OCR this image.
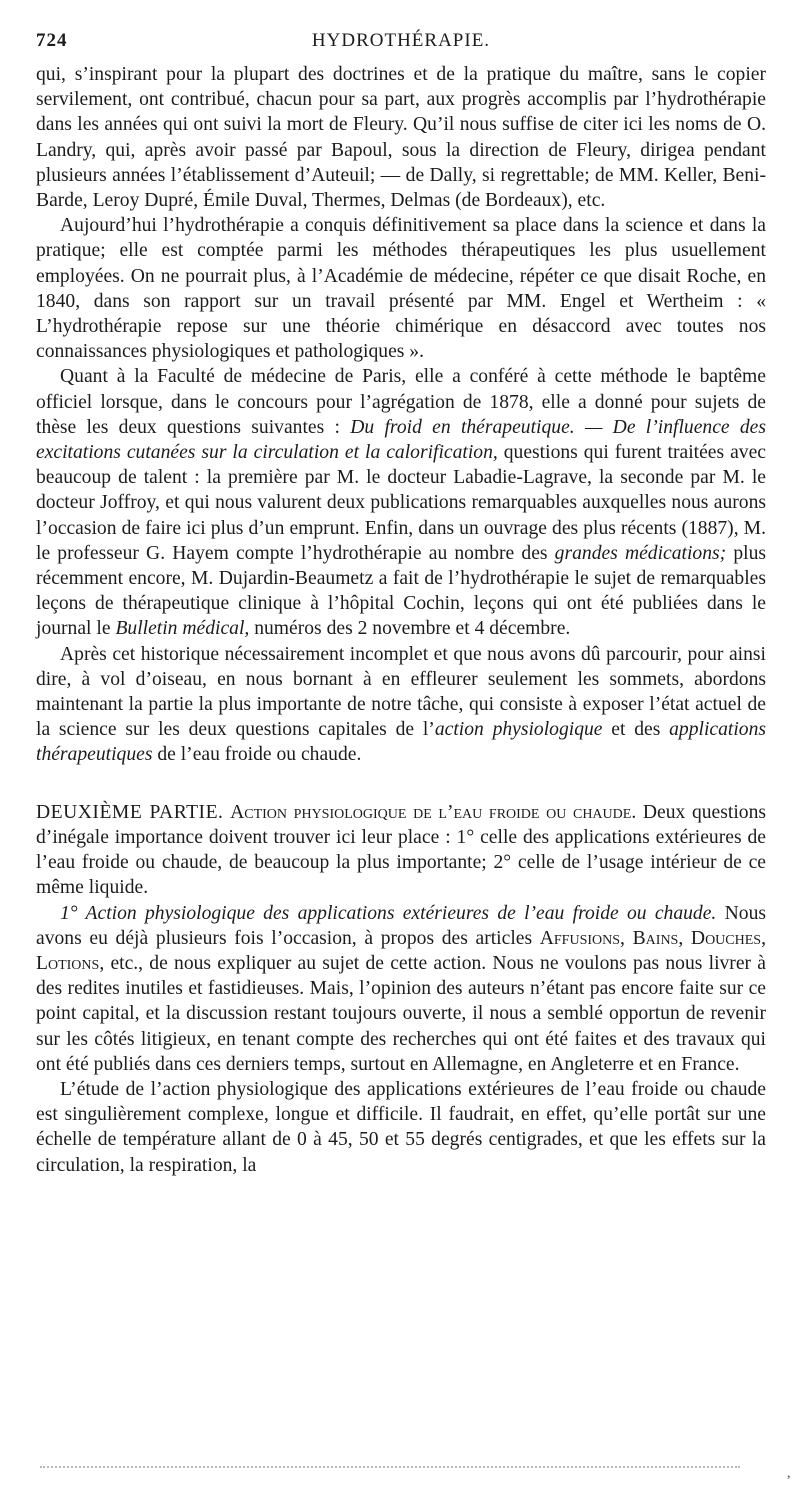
HYDROTHÉRAPIE.
724

qui, s’inspirant pour la plupart des doctrines et de la pratique du maître, sans le copier servilement, ont contribué, chacun pour sa part, aux progrès accomplis par l’hydrothérapie dans les années qui ont suivi la mort de Fleury. Qu’il nous suffise de citer ici les noms de O. Landry, qui, après avoir passé par Bapoul, sous la direction de Fleury, dirigea pendant plusieurs années l’établissement d’Auteuil; — de Dally, si regrettable; de MM. Keller, Beni-Barde, Leroy Dupré, Émile Duval, Thermes, Delmas (de Bordeaux), etc.

Aujourd’hui l’hydrothérapie a conquis définitivement sa place dans la science et dans la pratique; elle est comptée parmi les méthodes thérapeutiques les plus usuellement employées. On ne pourrait plus, à l’Académie de médecine, répéter ce que disait Roche, en 1840, dans son rapport sur un travail présenté par MM. Engel et Wertheim : « L’hydrothérapie repose sur une théorie chimérique en désaccord avec toutes nos connaissances physiologiques et pathologiques ».

Quant à la Faculté de médecine de Paris, elle a conféré à cette méthode le baptême officiel lorsque, dans le concours pour l’agrégation de 1878, elle a donné pour sujets de thèse les deux questions suivantes : Du froid en thérapeutique. — De l’influence des excitations cutanées sur la circulation et la calorification, questions qui furent traitées avec beaucoup de talent : la première par M. le docteur Labadie-Lagrave, la seconde par M. le docteur Joffroy, et qui nous valurent deux publications remarquables auxquelles nous aurons l’occasion de faire ici plus d’un emprunt. Enfin, dans un ouvrage des plus récents (1887), M. le professeur G. Hayem compte l’hydrothérapie au nombre des grandes médications; plus récemment encore, M. Dujardin-Beaumetz a fait de l’hydrothérapie le sujet de remarquables leçons de thérapeutique clinique à l’hôpital Cochin, leçons qui ont été publiées dans le journal le Bulletin médical, numéros des 2 novembre et 4 décembre.

Après cet historique nécessairement incomplet et que nous avons dû parcourir, pour ainsi dire, à vol d’oiseau, en nous bornant à en effleurer seulement les sommets, abordons maintenant la partie la plus importante de notre tâche, qui consiste à exposer l’état actuel de la science sur les deux questions capitales de l’action physiologique et des applications thérapeutiques de l’eau froide ou chaude.

DEUXIÈME PARTIE. Action physiologique de l’eau froide ou chaude. Deux questions d’inégale importance doivent trouver ici leur place : 1° celle des applications extérieures de l’eau froide ou chaude, de beaucoup la plus importante; 2° celle de l’usage intérieur de ce même liquide.

1° Action physiologique des applications extérieures de l’eau froide ou chaude. Nous avons eu déjà plusieurs fois l’occasion, à propos des articles Affusions, Bains, Douches, Lotions, etc., de nous expliquer au sujet de cette action. Nous ne voulons pas nous livrer à des redites inutiles et fastidieuses. Mais, l’opinion des auteurs n’étant pas encore faite sur ce point capital, et la discussion restant toujours ouverte, il nous a semblé opportun de revenir sur les côtés litigieux, en tenant compte des recherches qui ont été faites et des travaux qui ont été publiés dans ces derniers temps, surtout en Allemagne, en Angleterre et en France.

L’étude de l’action physiologique des applications extérieures de l’eau froide ou chaude est singulièrement complexe, longue et difficile. Il faudrait, en effet, qu’elle portât sur une échelle de température allant de 0 à 45, 50 et 55 degrés centigrades, et que les effets sur la circulation, la respiration, la

,
